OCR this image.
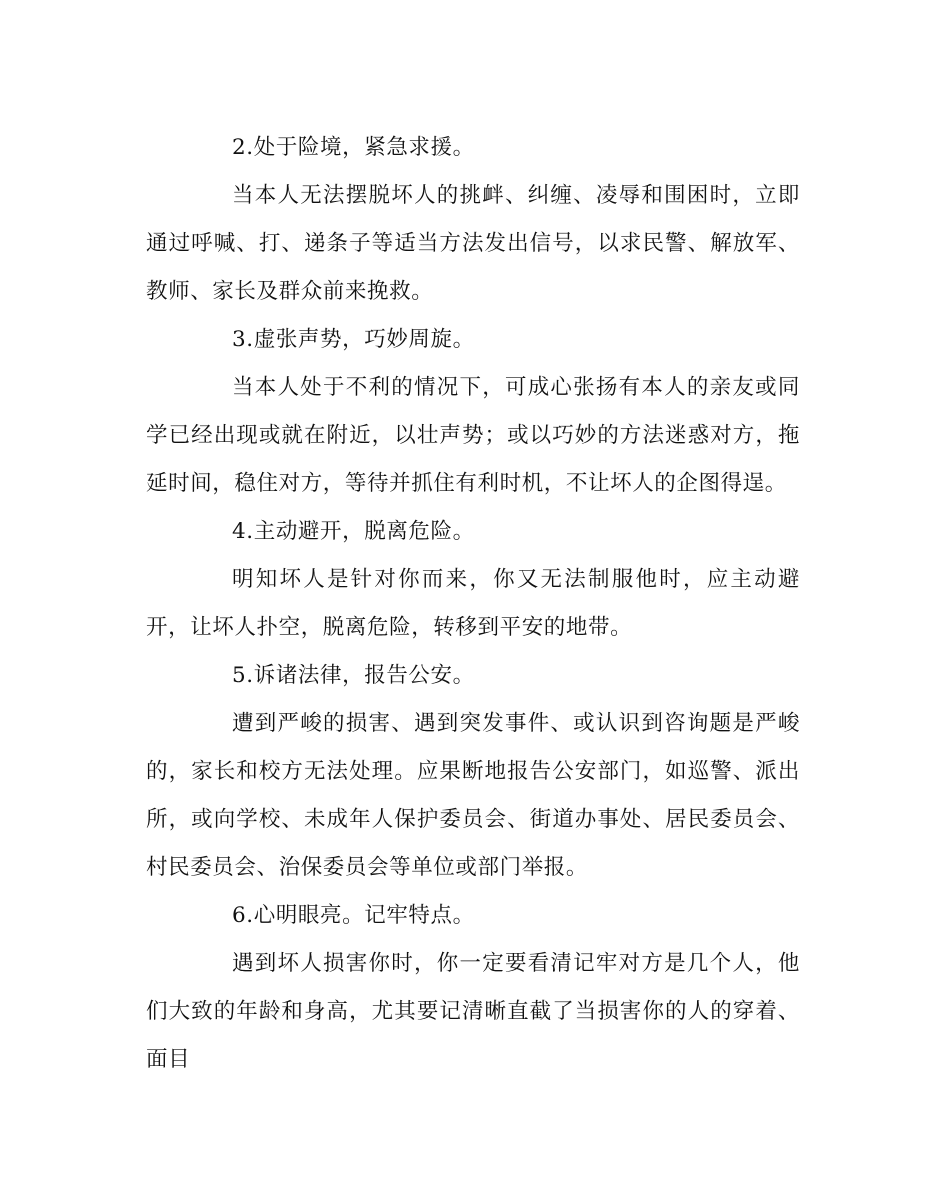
2.处于险境，紧急求援。

当本人无法摆脱坏人的挑衅、纠缠、凌辱和围困时，立即通过呼喊、打、递条子等适当方法发出信号，以求民警、解放军、教师、家长及群众前来挽救。

3.虚张声势，巧妙周旋。

当本人处于不利的情况下，可成心张扬有本人的亲友或同学已经出现或就在附近，以壮声势；或以巧妙的方法迷惑对方，拖延时间，稳住对方，等待并抓住有利时机，不让坏人的企图得逞。

4.主动避开，脱离危险。

明知坏人是针对你而来，你又无法制服他时，应主动避开，让坏人扑空，脱离危险，转移到平安的地带。

5.诉诸法律，报告公安。

遭到严峻的损害、遇到突发事件、或认识到咨询题是严峻的，家长和校方无法处理。应果断地报告公安部门，如巡警、派出所，或向学校、未成年人保护委员会、街道办事处、居民委员会、村民委员会、治保委员会等单位或部门举报。

6.心明眼亮。记牢特点。

遇到坏人损害你时，你一定要看清记牢对方是几个人，他们大致的年龄和身高，尤其要记清晰直截了当损害你的人的穿着、面目
